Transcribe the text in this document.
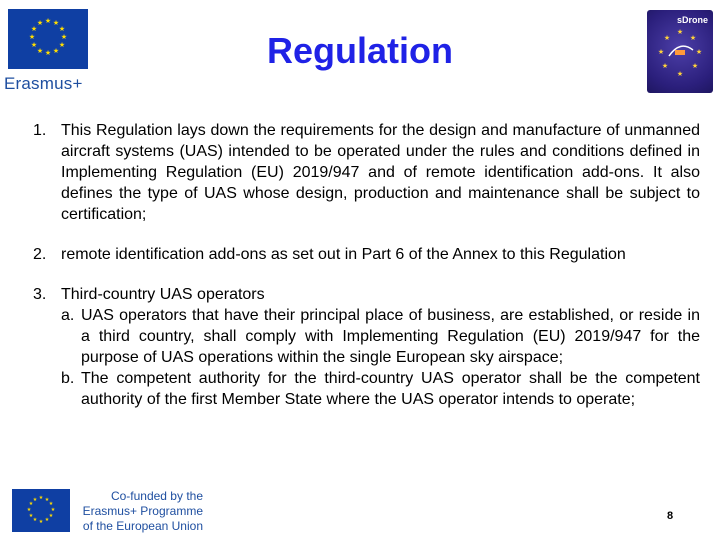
★ ★
★
★
★
★
★
★
★
★
★
★
Erasmus+
Regulation
sDrone
★
★
★
★
★
★
★
★
1. This Regulation lays down the requirements for the design and manufacture of unmanned aircraft systems (UAS) intended to be operated under the rules and conditions defined in Implementing Regulation (EU) 2019/947 and of remote identification add-ons. It also defines the type of UAS whose design, production and maintenance shall be subject to certification;
2. remote identification add-ons as set out in Part 6 of the Annex to this Regulation
3. Third-country UAS operators
a. UAS operators that have their principal place of business, are established, or reside in a third country, shall comply with Implementing Regulation (EU) 2019/947 for the purpose of UAS operations within the single European sky airspace;
b. The competent authority for the third-country UAS operator shall be the competent authority of the first Member State where the UAS operator intends to operate;
★ ★
★
★
★
★
★
★
★
★
★
★	Co-funded by the
Erasmus+ Programme
of the European Union
8
